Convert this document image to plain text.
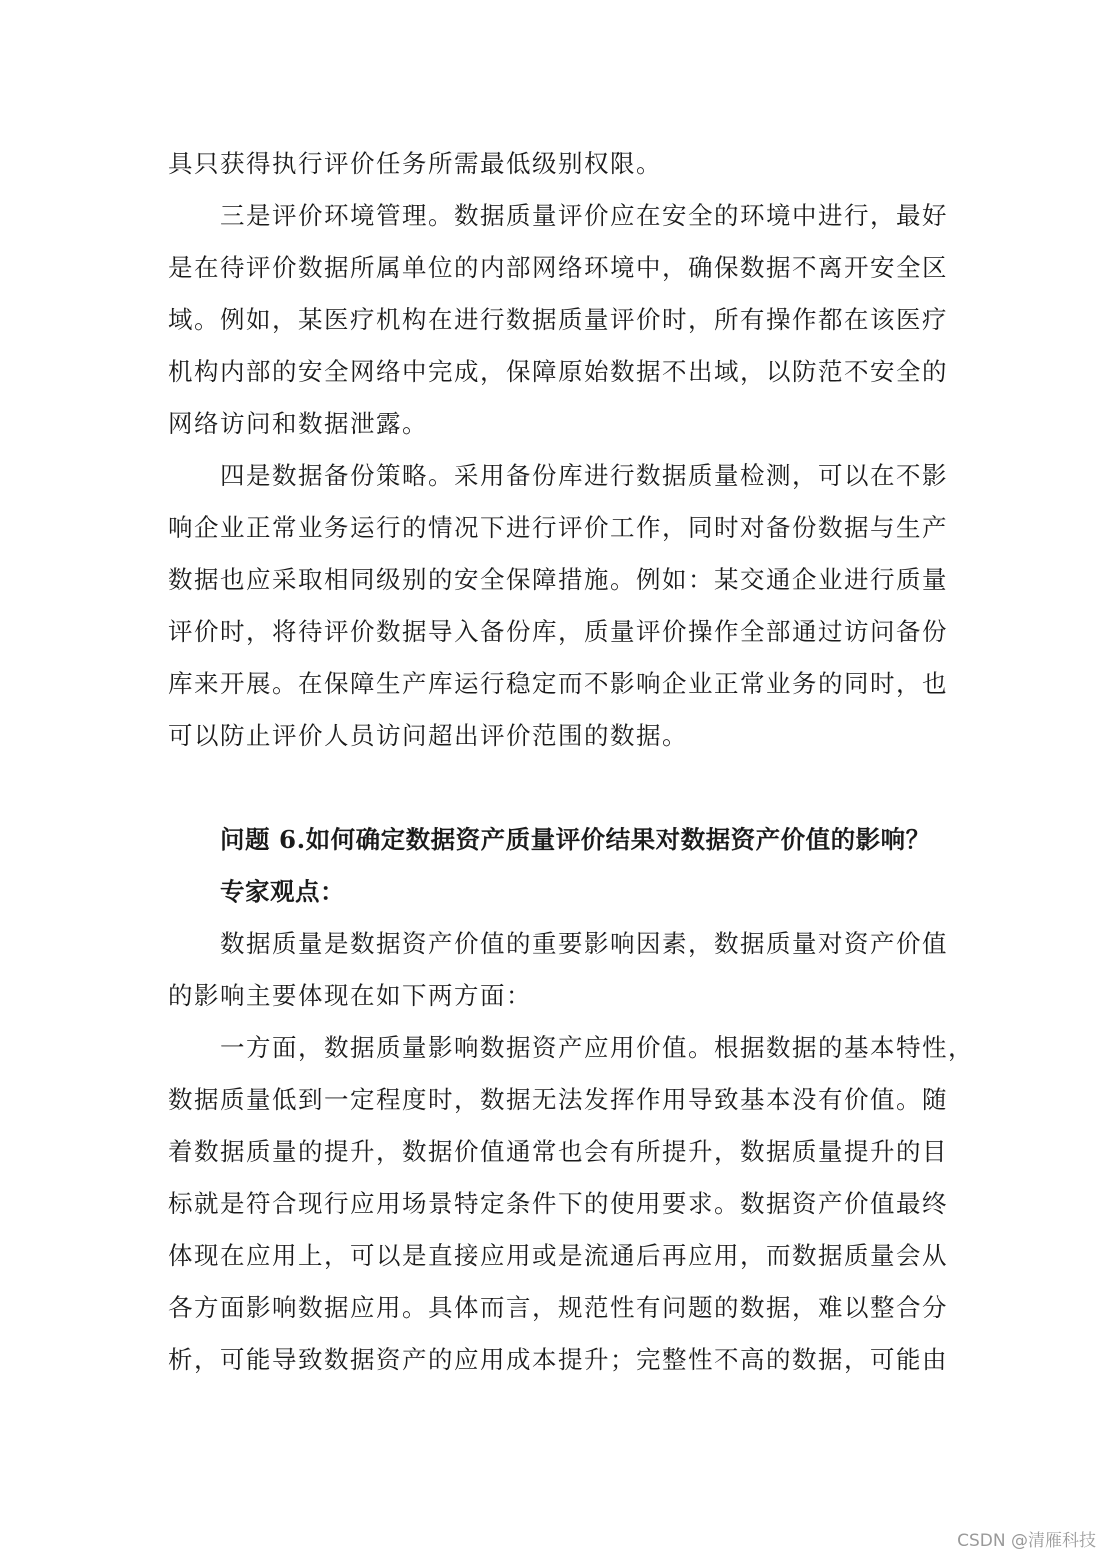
具只获得执行评价任务所需最低级别权限。
三是评价环境管理。数据质量评价应在安全的环境中进行，最好
是在待评价数据所属单位的内部网络环境中，确保数据不离开安全区
域。例如，某医疗机构在进行数据质量评价时，所有操作都在该医疗
机构内部的安全网络中完成，保障原始数据不出域，以防范不安全的
网络访问和数据泄露。
四是数据备份策略。采用备份库进行数据质量检测，可以在不影
响企业正常业务运行的情况下进行评价工作，同时对备份数据与生产
数据也应采取相同级别的安全保障措施。例如：某交通企业进行质量
评价时，将待评价数据导入备份库，质量评价操作全部通过访问备份
库来开展。在保障生产库运行稳定而不影响企业正常业务的同时，也
可以防止评价人员访问超出评价范围的数据。
问题 6.如何确定数据资产质量评价结果对数据资产价值的影响？
专家观点：
数据质量是数据资产价值的重要影响因素，数据质量对资产价值
的影响主要体现在如下两方面：
一方面，数据质量影响数据资产应用价值。根据数据的基本特性，
数据质量低到一定程度时，数据无法发挥作用导致基本没有价值。随
着数据质量的提升，数据价值通常也会有所提升，数据质量提升的目
标就是符合现行应用场景特定条件下的使用要求。数据资产价值最终
体现在应用上，可以是直接应用或是流通后再应用，而数据质量会从
各方面影响数据应用。具体而言，规范性有问题的数据，难以整合分
析，可能导致数据资产的应用成本提升；完整性不高的数据，可能由
CSDN @清雁科技
